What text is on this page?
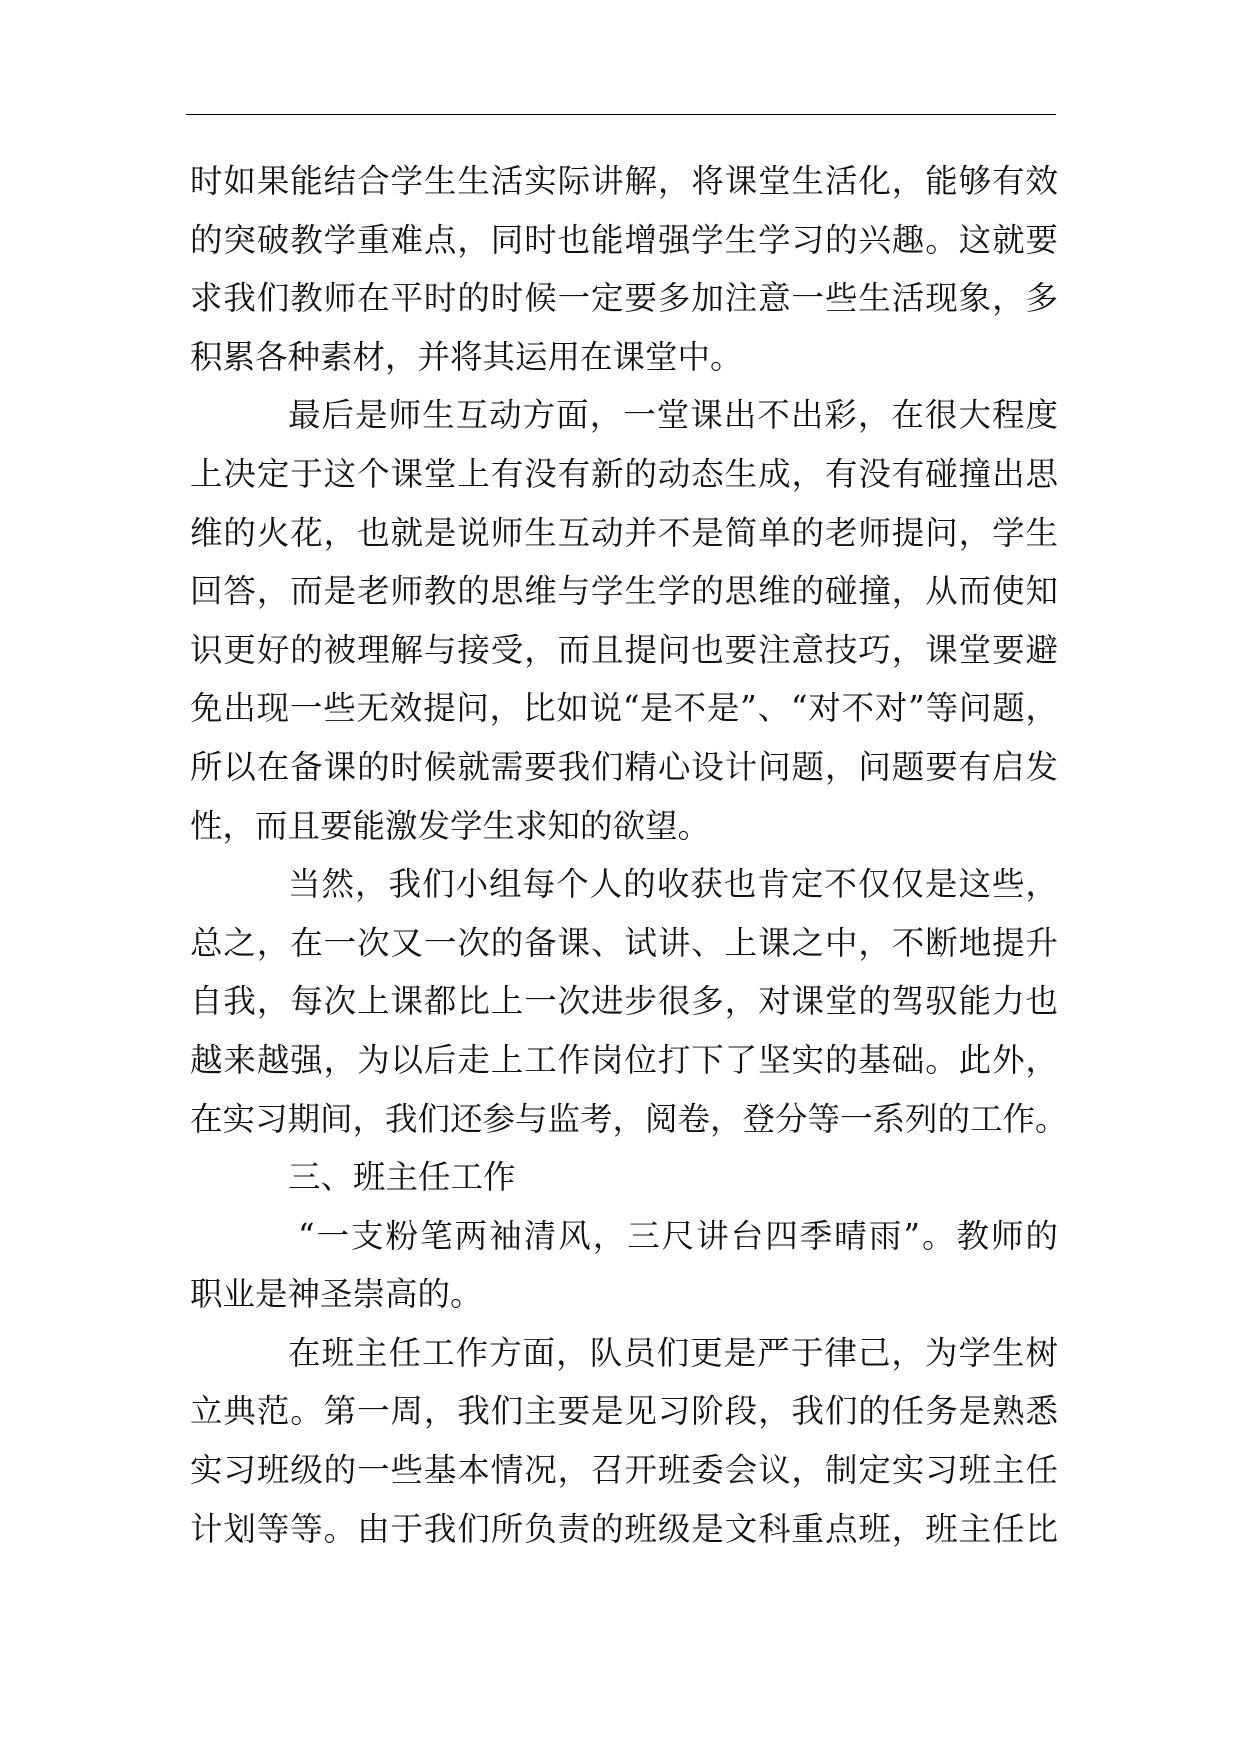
时如果能结合学生生活实际讲解，将课堂生活化，能够有效
的突破教学重难点，同时也能增强学生学习的兴趣。这就要
求我们教师在平时的时候一定要多加注意一些生活现象，多
积累各种素材，并将其运用在课堂中。
最后是师生互动方面，一堂课出不出彩，在很大程度
上决定于这个课堂上有没有新的动态生成，有没有碰撞出思
维的火花，也就是说师生互动并不是简单的老师提问，学生
回答，而是老师教的思维与学生学的思维的碰撞，从而使知
识更好的被理解与接受，而且提问也要注意技巧，课堂要避
免出现一些无效提问，比如说“是不是”、“对不对”等问题，
所以在备课的时候就需要我们精心设计问题，问题要有启发
性，而且要能激发学生求知的欲望。
当然，我们小组每个人的收获也肯定不仅仅是这些，
总之，在一次又一次的备课、试讲、上课之中，不断地提升
自我，每次上课都比上一次进步很多，对课堂的驾驭能力也
越来越强，为以后走上工作岗位打下了坚实的基础。此外，
在实习期间，我们还参与监考，阅卷，登分等一系列的工作。
三、班主任工作
“一支粉笔两袖清风，三尺讲台四季晴雨”。教师的
职业是神圣崇高的。
在班主任工作方面，队员们更是严于律己，为学生树
立典范。第一周，我们主要是见习阶段，我们的任务是熟悉
实习班级的一些基本情况，召开班委会议，制定实习班主任
计划等等。由于我们所负责的班级是文科重点班，班主任比
